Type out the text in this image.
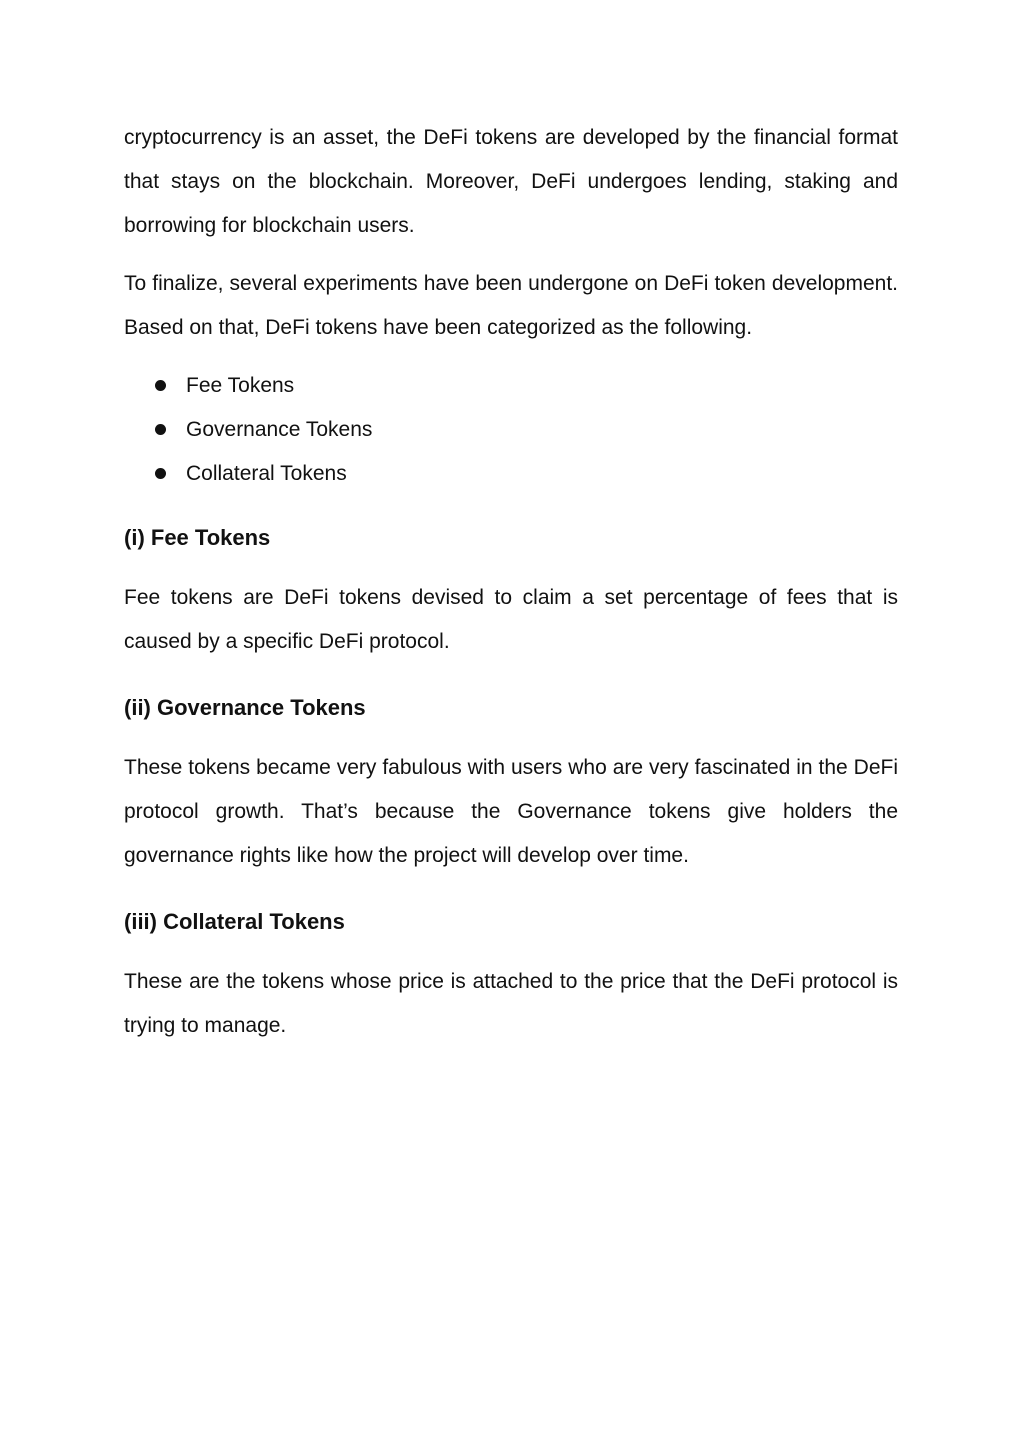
cryptocurrency is an asset, the DeFi tokens are developed by the financial format that stays on the blockchain. Moreover, DeFi undergoes lending, staking and borrowing for blockchain users.

To finalize, several experiments have been undergone on DeFi token development. Based on that, DeFi tokens have been categorized as the following.

Fee Tokens
Governance Tokens
Collateral Tokens
(i) Fee Tokens

Fee tokens are DeFi tokens devised to claim a set percentage of fees that is caused by a specific DeFi protocol.

(ii) Governance Tokens

These tokens became very fabulous with users who are very fascinated in the DeFi protocol growth. That’s because the Governance tokens give holders the governance rights like how the project will develop over time.

(iii) Collateral Tokens

These are the tokens whose price is attached to the price that the DeFi protocol is trying to manage.
